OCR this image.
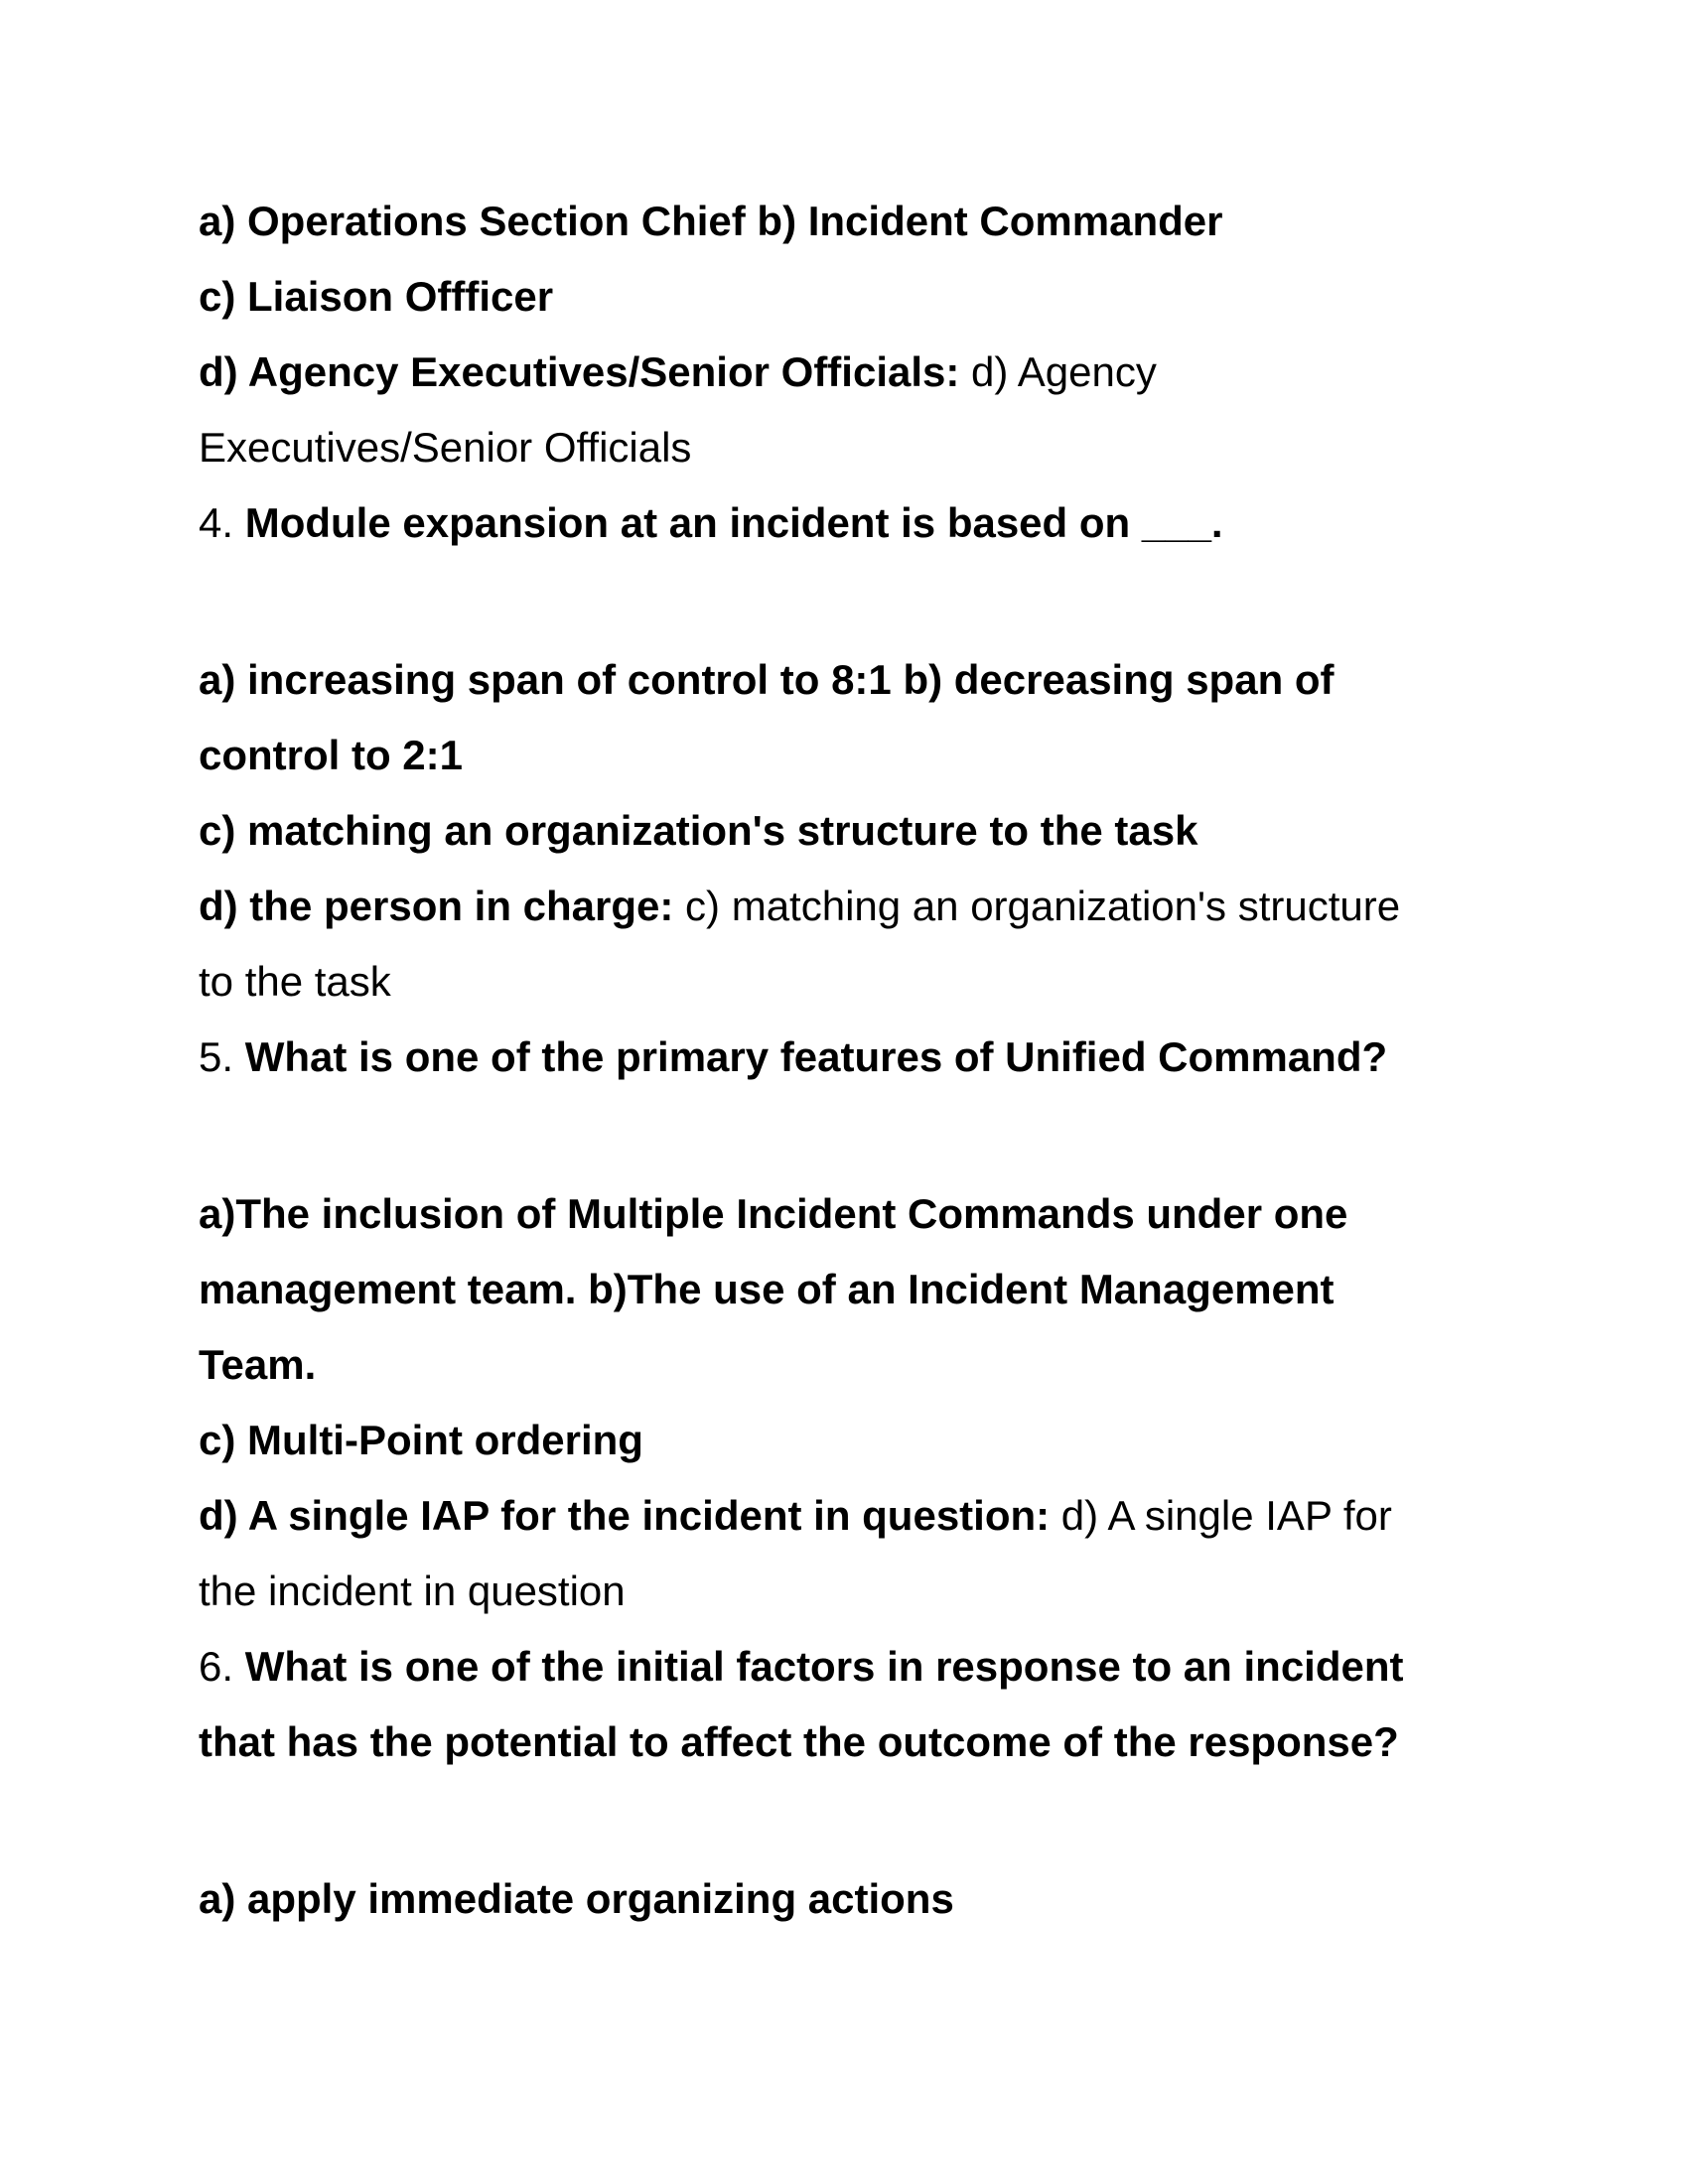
a) Operations Section Chief b) Incident Commander
c) Liaison Offficer
d) Agency Executives/Senior Officials: d) Agency
Executives/Senior Officials
4. Module expansion at an incident is based on ___.
a) increasing span of control to 8:1 b) decreasing span of
control to 2:1
c) matching an organization's structure to the task
d) the person in charge: c) matching an organization's structure
to the task
5. What is one of the primary features of Unified Command?
a)The inclusion of Multiple Incident Commands under one
management team. b)The use of an Incident Management
Team.
c) Multi-Point ordering
d) A single IAP for the incident in question: d) A single IAP for
the incident in question
6. What is one of the initial factors in response to an incident
that has the potential to affect the outcome of the response?
a) apply immediate organizing actions
